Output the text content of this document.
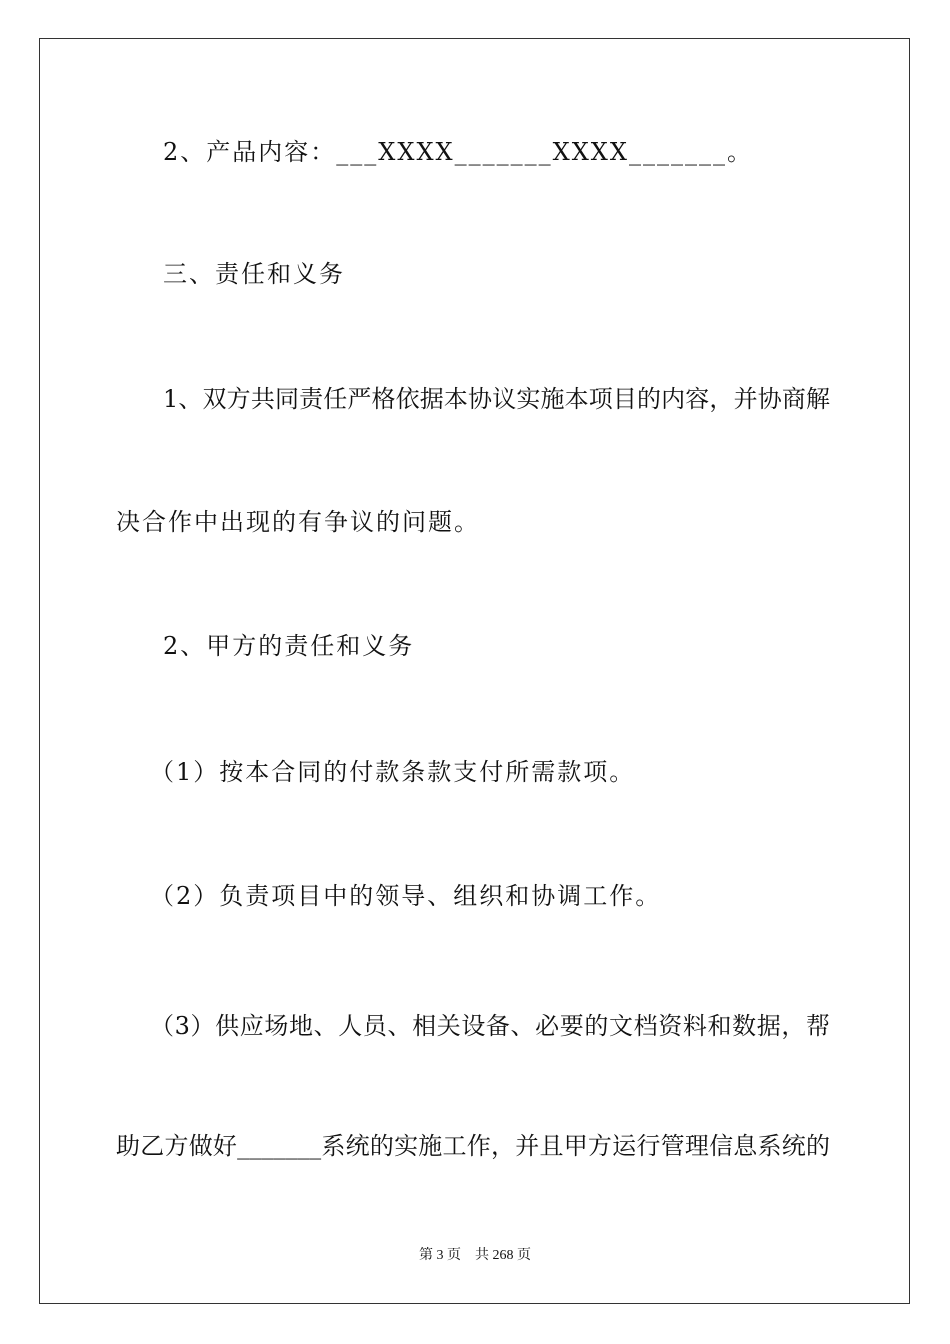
2、产品内容：___XXXX_______XXXX_______。
三、责任和义务
1、双方共同责任严格依据本协议实施本项目的内容，并协商解
决合作中出现的有争议的问题。
2、甲方的责任和义务
（1）按本合同的付款条款支付所需款项。
（2）负责项目中的领导、组织和协调工作。
（3）供应场地、人员、相关设备、必要的文档资料和数据，帮
助乙方做好_______系统的实施工作，并且甲方运行管理信息系统的
第 3 页　共 268 页
